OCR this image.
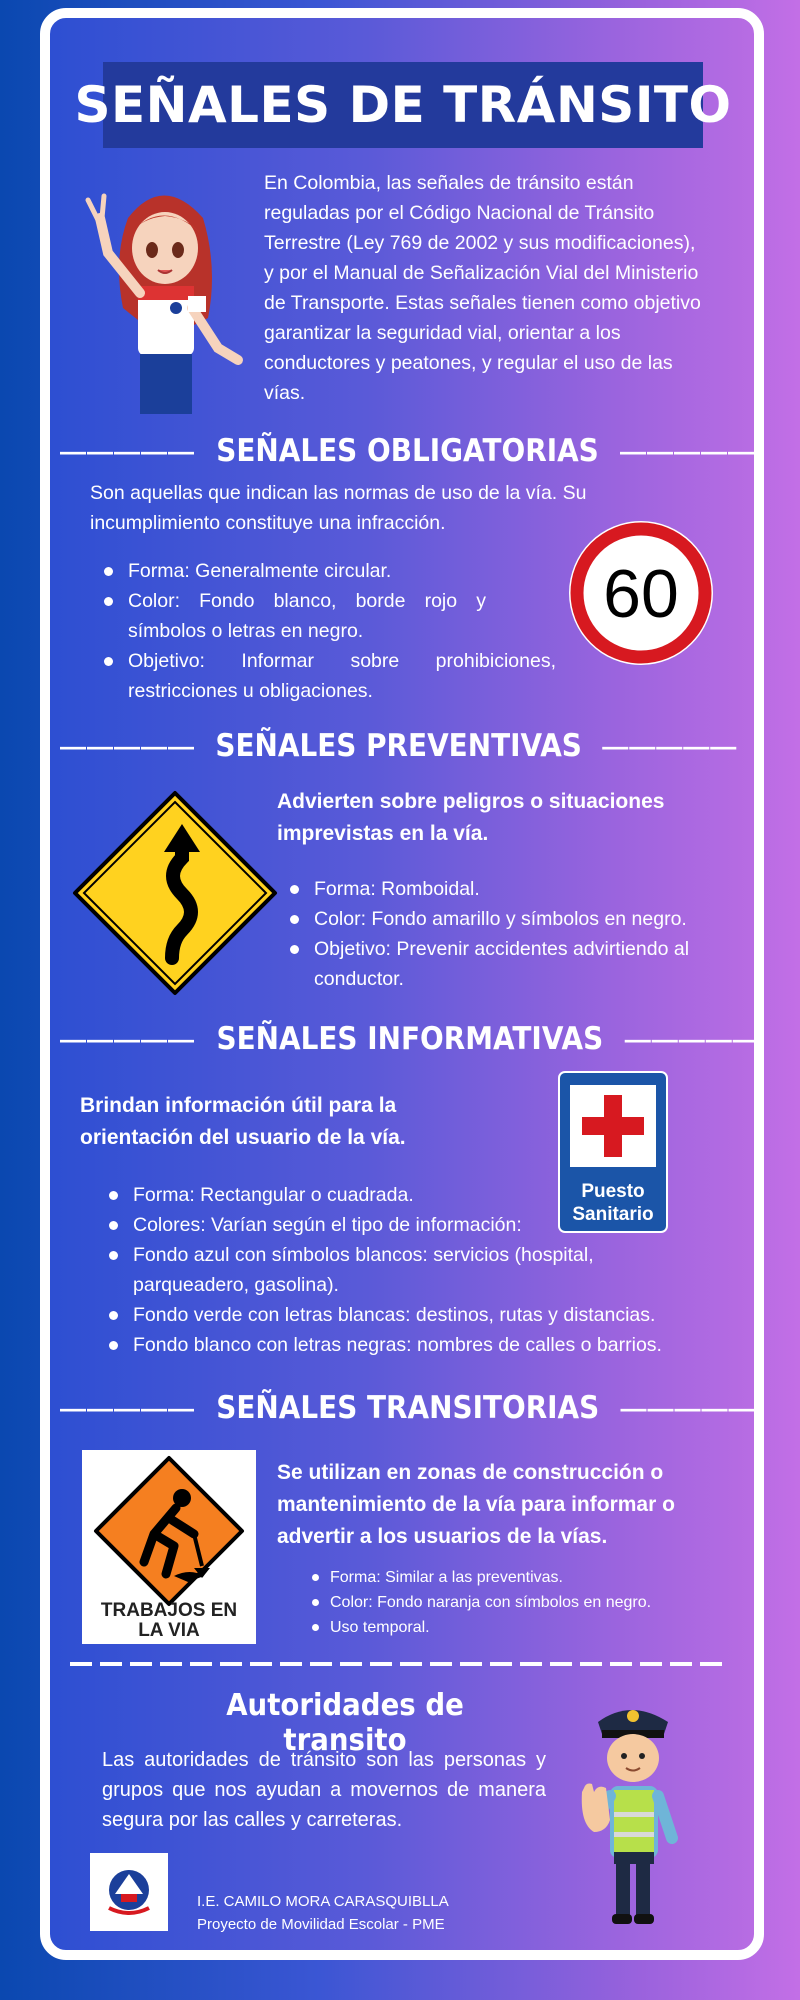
SEÑALES DE TRÁNSITO
En Colombia, las señales de tránsito están reguladas por el Código Nacional de Tránsito Terrestre (Ley 769 de 2002 y sus modificaciones), y por el Manual de Señalización Vial del Ministerio de Transporte. Estas señales tienen como objetivo garantizar la seguridad vial, orientar a los conductores y peatones, y regular el uso de las vías.
————— SEÑALES OBLIGATORIAS —————
Son aquellas que indican las normas de uso de la vía. Su incumplimiento constituye una infracción.
Forma: Generalmente circular.
Color: Fondo blanco, borde rojo y símbolos o letras en negro.
Objetivo: Informar sobre prohibiciones, restricciones u obligaciones.
60
————— SEÑALES PREVENTIVAS —————
Advierten sobre peligros o situaciones imprevistas en la vía.
Forma: Romboidal.
Color: Fondo amarillo y símbolos en negro.
Objetivo: Prevenir accidentes advirtiendo al conductor.
————— SEÑALES INFORMATIVAS —————
Brindan información útil para la orientación del usuario de la vía.
Puesto
Sanitario
Forma: Rectangular o cuadrada.
Colores: Varían según el tipo de información:
Fondo azul con símbolos blancos: servicios (hospital, parqueadero, gasolina).
Fondo verde con letras blancas: destinos, rutas y distancias.
Fondo blanco con letras negras: nombres de calles o barrios.
————— SEÑALES TRANSITORIAS —————
TRABAJOS EN
LA VIA
Se utilizan en zonas de construcción o mantenimiento de la vía para informar o advertir a los usuarios de la vías.
Forma: Similar a las preventivas.
Color: Fondo naranja con símbolos en negro.
Uso temporal.
Autoridades de transito
Las autoridades de tránsito son las personas y grupos que nos ayudan a movernos de manera segura por las calles y carreteras.
I.E. CAMILO MORA CARASQUIBLLA
Proyecto de Movilidad Escolar - PME
